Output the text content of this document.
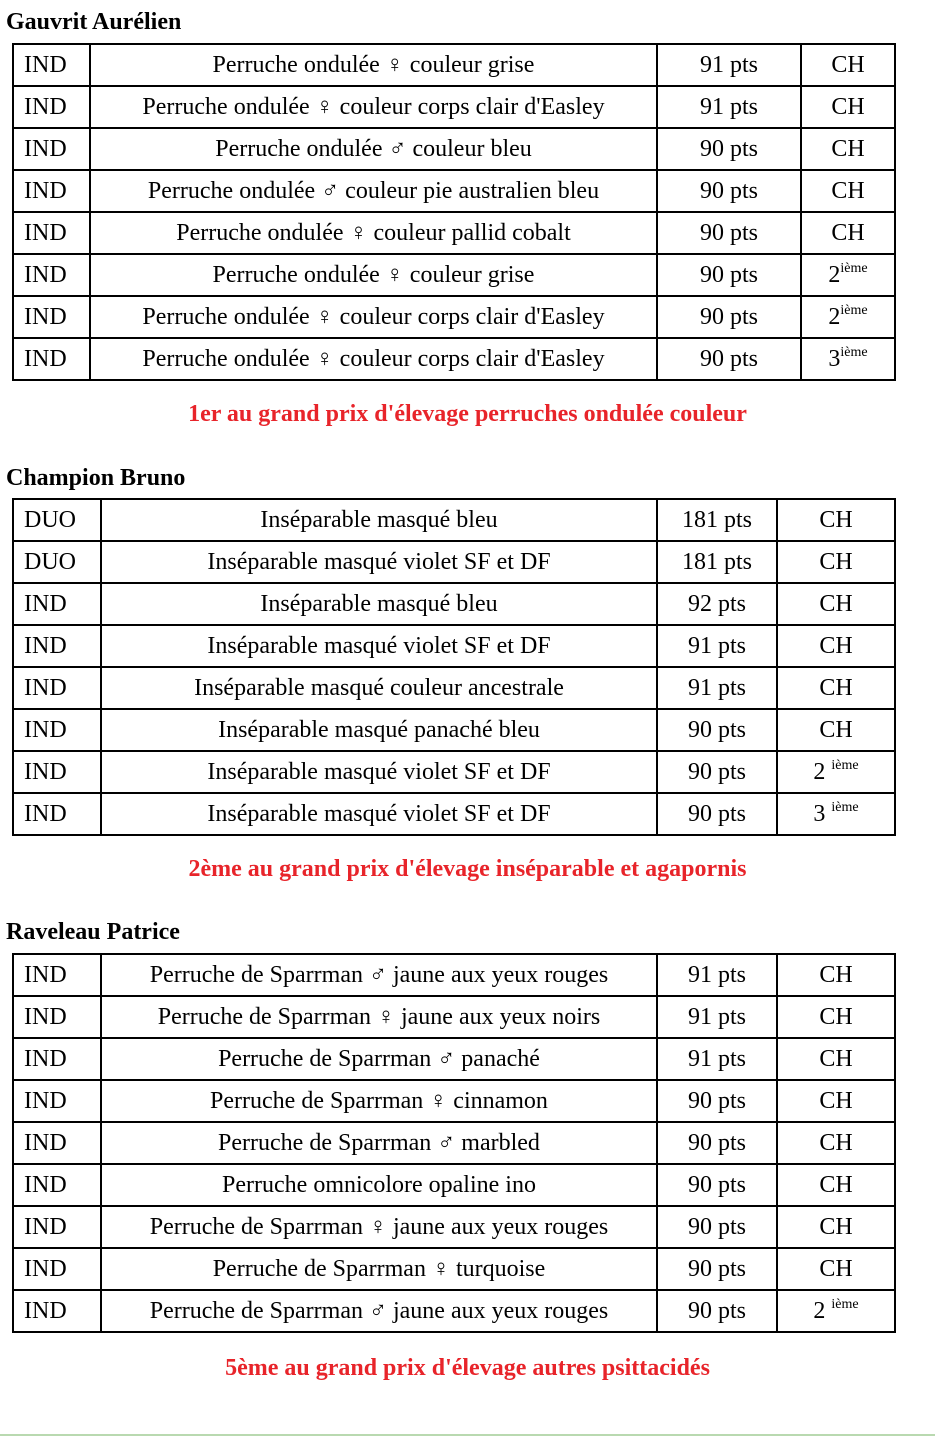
Gauvrit Aurélien
IND	Perruche ondulée ♀ couleur grise	91 pts	CH
IND	Perruche ondulée ♀ couleur corps clair d'Easley	91 pts	CH
IND	Perruche ondulée ♂ couleur bleu	90 pts	CH
IND	Perruche ondulée ♂ couleur pie australien bleu	90 pts	CH
IND	Perruche ondulée ♀ couleur pallid cobalt	90 pts	CH
IND	Perruche ondulée ♀ couleur grise	90 pts	2ième
IND	Perruche ondulée ♀ couleur corps clair d'Easley	90 pts	2ième
IND	Perruche ondulée ♀ couleur corps clair d'Easley	90 pts	3ième
1er au grand prix d'élevage perruches ondulée couleur
Champion Bruno
DUO	Inséparable masqué bleu	181 pts	CH
DUO	Inséparable masqué violet SF et DF	181 pts	CH
IND	Inséparable masqué bleu	92 pts	CH
IND	Inséparable masqué violet SF et DF	91 pts	CH
IND	Inséparable masqué couleur ancestrale	91 pts	CH
IND	Inséparable masqué panaché bleu	90 pts	CH
IND	Inséparable masqué violet SF et DF	90 pts	2 $^{ième}$
IND	Inséparable masqué violet SF et DF	90 pts	3 $^{ième}$
2ème au grand prix d'élevage inséparable et agapornis
Raveleau Patrice
IND	Perruche de Sparrman ♂ jaune aux yeux rouges	91 pts	CH
IND	Perruche de Sparrman ♀ jaune aux yeux noirs	91 pts	CH
IND	Perruche de Sparrman ♂ panaché	91 pts	CH
IND	Perruche de Sparrman ♀ cinnamon	90 pts	CH
IND	Perruche de Sparrman ♂ marbled	90 pts	CH
IND	Perruche omnicolore opaline ino	90 pts	CH
IND	Perruche de Sparrman ♀ jaune aux yeux rouges	90 pts	CH
IND	Perruche de Sparrman ♀ turquoise	90 pts	CH
IND	Perruche de Sparrman ♂ jaune aux yeux rouges	90 pts	2 $^{ième}$
5ème au grand prix d'élevage autres psittacidés
